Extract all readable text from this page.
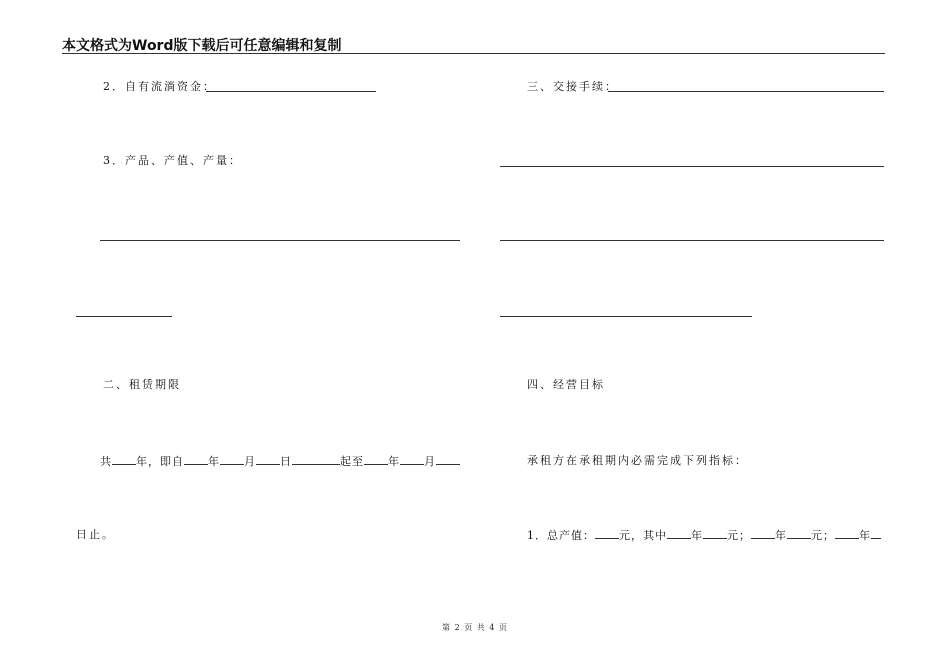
本文格式为Word版下载后可任意编辑和复制
2．自有流淌资金：
3．产品、产值、产量：
二、租赁期限
共 年，即自 年 月 日	起至 年 月
日止。
三、交接手续：
四、经营目标
承租方在承租期内必需完成下列指标：
1．总产值： 元，其中 年 元； 年 元； 年
第 2 页 共 4 页
